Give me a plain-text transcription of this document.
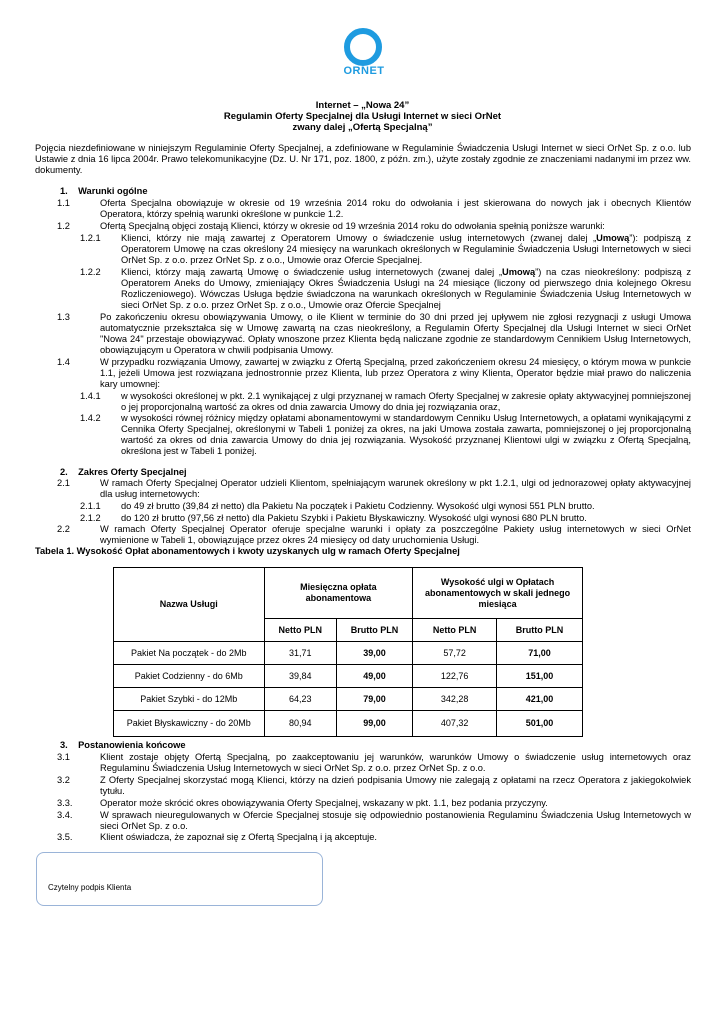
ORNET
Internet – „Nowa 24”
Regulamin Oferty Specjalnej dla Usługi Internet w sieci OrNet
zwany dalej „Ofertą Specjalną”
Pojęcia niezdefiniowane w niniejszym Regulaminie Oferty Specjalnej, a zdefiniowane w Regulaminie Świadczenia Usługi Internet w sieci OrNet Sp. z o.o. lub Ustawie z dnia 16 lipca 2004r. Prawo telekomunikacyjne (Dz. U. Nr 171, poz. 1800, z późn. zm.), użyte zostały zgodnie ze znaczeniami nadanymi im przez ww. dokumenty.
1. Warunki ogólne
1.1	Oferta Specjalna obowiązuje w okresie od 19 września 2014 roku do odwołania i jest skierowana do nowych jak i obecnych Klientów Operatora, którzy spełnią warunki określone w punkcie 1.2.
1.2	Ofertą Specjalną objęci zostają Klienci, którzy w okresie od 19 września 2014 roku do odwołania spełnią poniższe warunki:
1.2.1	Klienci, którzy nie mają zawartej z Operatorem Umowy o świadczenie usług internetowych (zwanej dalej „Umową”): podpiszą z Operatorem Umowę na czas określony 24 miesięcy na warunkach określonych w Regulaminie Świadczenia Usługi Internetowych w sieci OrNet Sp. z o.o. przez OrNet Sp. z o.o., Umowie oraz Ofercie Specjalnej.
1.2.2	Klienci, którzy mają zawartą Umowę o świadczenie usług internetowych (zwanej dalej „Umową”) na czas nieokreślony: podpiszą z Operatorem Aneks do Umowy, zmieniający Okres Świadczenia Usługi na 24 miesiące (liczony od pierwszego dnia kolejnego Okresu Rozliczeniowego). Wówczas Usługa będzie świadczona na warunkach określonych w Regulaminie Świadczenia Usług Internetowych w sieci OrNet Sp. z o.o. przez OrNet Sp. z o.o., Umowie oraz Ofercie Specjalnej
1.3	Po zakończeniu okresu obowiązywania Umowy, o ile Klient w terminie do 30 dni przed jej upływem nie zgłosi rezygnacji z usługi Umowa automatycznie przekształca się w Umowę zawartą na czas nieokreślony, a Regulamin Oferty Specjalnej dla Usługi Internet w sieci OrNet "Nowa 24" przestaje obowiązywać. Opłaty wnoszone przez Klienta będą naliczane zgodnie ze standardowym Cennikiem Usług Internetowych, obowiązującym u Operatora w chwili podpisania Umowy.
1.4	W przypadku rozwiązania Umowy, zawartej w związku z Ofertą Specjalną, przed zakończeniem okresu 24 miesięcy, o którym mowa w punkcie 1.1, jeżeli Umowa jest rozwiązana jednostronnie przez Klienta, lub przez Operatora z winy Klienta, Operator będzie miał prawo do naliczenia kary umownej:
1.4.1	w wysokości określonej w pkt. 2.1 wynikającej z ulgi przyznanej w ramach Oferty Specjalnej w zakresie opłaty aktywacyjnej pomniejszonej o jej proporcjonalną wartość za okres od dnia zawarcia Umowy do dnia jej rozwiązania oraz,
1.4.2	w wysokości równej różnicy między opłatami abonamentowymi w standardowym Cenniku Usług Internetowych, a opłatami wynikającymi z Cennika Oferty Specjalnej, określonymi w Tabeli 1 poniżej za okres, na jaki Umowa została zawarta, pomniejszonej o jej proporcjonalną wartość za okres od dnia zawarcia Umowy do dnia jej rozwiązania. Wysokość przyznanej Klientowi ulgi w związku z Ofertą Specjalną, określona jest w Tabeli 1 poniżej.
2. Zakres Oferty Specjalnej
2.1	W ramach Oferty Specjalnej Operator udzieli Klientom, spełniającym warunek określony w pkt 1.2.1, ulgi od jednorazowej opłaty aktywacyjnej dla usług internetowych:
2.1.1	do 49 zł brutto (39,84 zł netto) dla Pakietu Na początek i Pakietu Codzienny. Wysokość ulgi wynosi 551 PLN brutto.
2.1.2	do 120 zł brutto (97,56 zł netto) dla Pakietu Szybki i Pakietu Błyskawiczny. Wysokość ulgi wynosi 680 PLN brutto.
2.2	W ramach Oferty Specjalnej Operator oferuje specjalne warunki i opłaty za poszczególne Pakiety usług internetowych w sieci OrNet wymienione w Tabeli 1, obowiązujące przez okres 24 miesięcy od daty uruchomienia Usługi.
Tabela 1. Wysokość Opłat abonamentowych i kwoty uzyskanych ulg w ramach Oferty Specjalnej
Nazwa Usługi	Miesięczna opłata abonamentowa		Wysokość ulgi w Opłatach abonamentowych w skali jednego miesiąca	
	Netto PLN	Brutto PLN	Netto PLN	Brutto PLN
Pakiet Na początek - do 2Mb	31,71	39,00	57,72	71,00
Pakiet Codzienny - do 6Mb	39,84	49,00	122,76	151,00
Pakiet Szybki - do 12Mb	64,23	79,00	342,28	421,00
Pakiet Błyskawiczny - do 20Mb	80,94	99,00	407,32	501,00
3. Postanowienia końcowe
3.1	Klient zostaje objęty Ofertą Specjalną, po zaakceptowaniu jej warunków, warunków Umowy o świadczenie usług internetowych oraz Regulaminu Świadczenia Usług Internetowych w sieci OrNet Sp. z o.o. przez OrNet Sp. z o.o.
3.2	Z Oferty Specjalnej skorzystać mogą Klienci, którzy na dzień podpisania Umowy nie zalegają z opłatami na rzecz Operatora z jakiegokolwiek tytułu.
3.3.	Operator może skrócić okres obowiązywania Oferty Specjalnej, wskazany w pkt. 1.1, bez podania przyczyny.
3.4.	W sprawach nieuregulowanych w Ofercie Specjalnej stosuje się odpowiednio postanowienia Regulaminu Świadczenia Usług Internetowych w sieci OrNet Sp. z o.o.
3.5.	Klient oświadcza, że zapoznał się z Ofertą Specjalną i ją akceptuje.
Czytelny podpis Klienta
